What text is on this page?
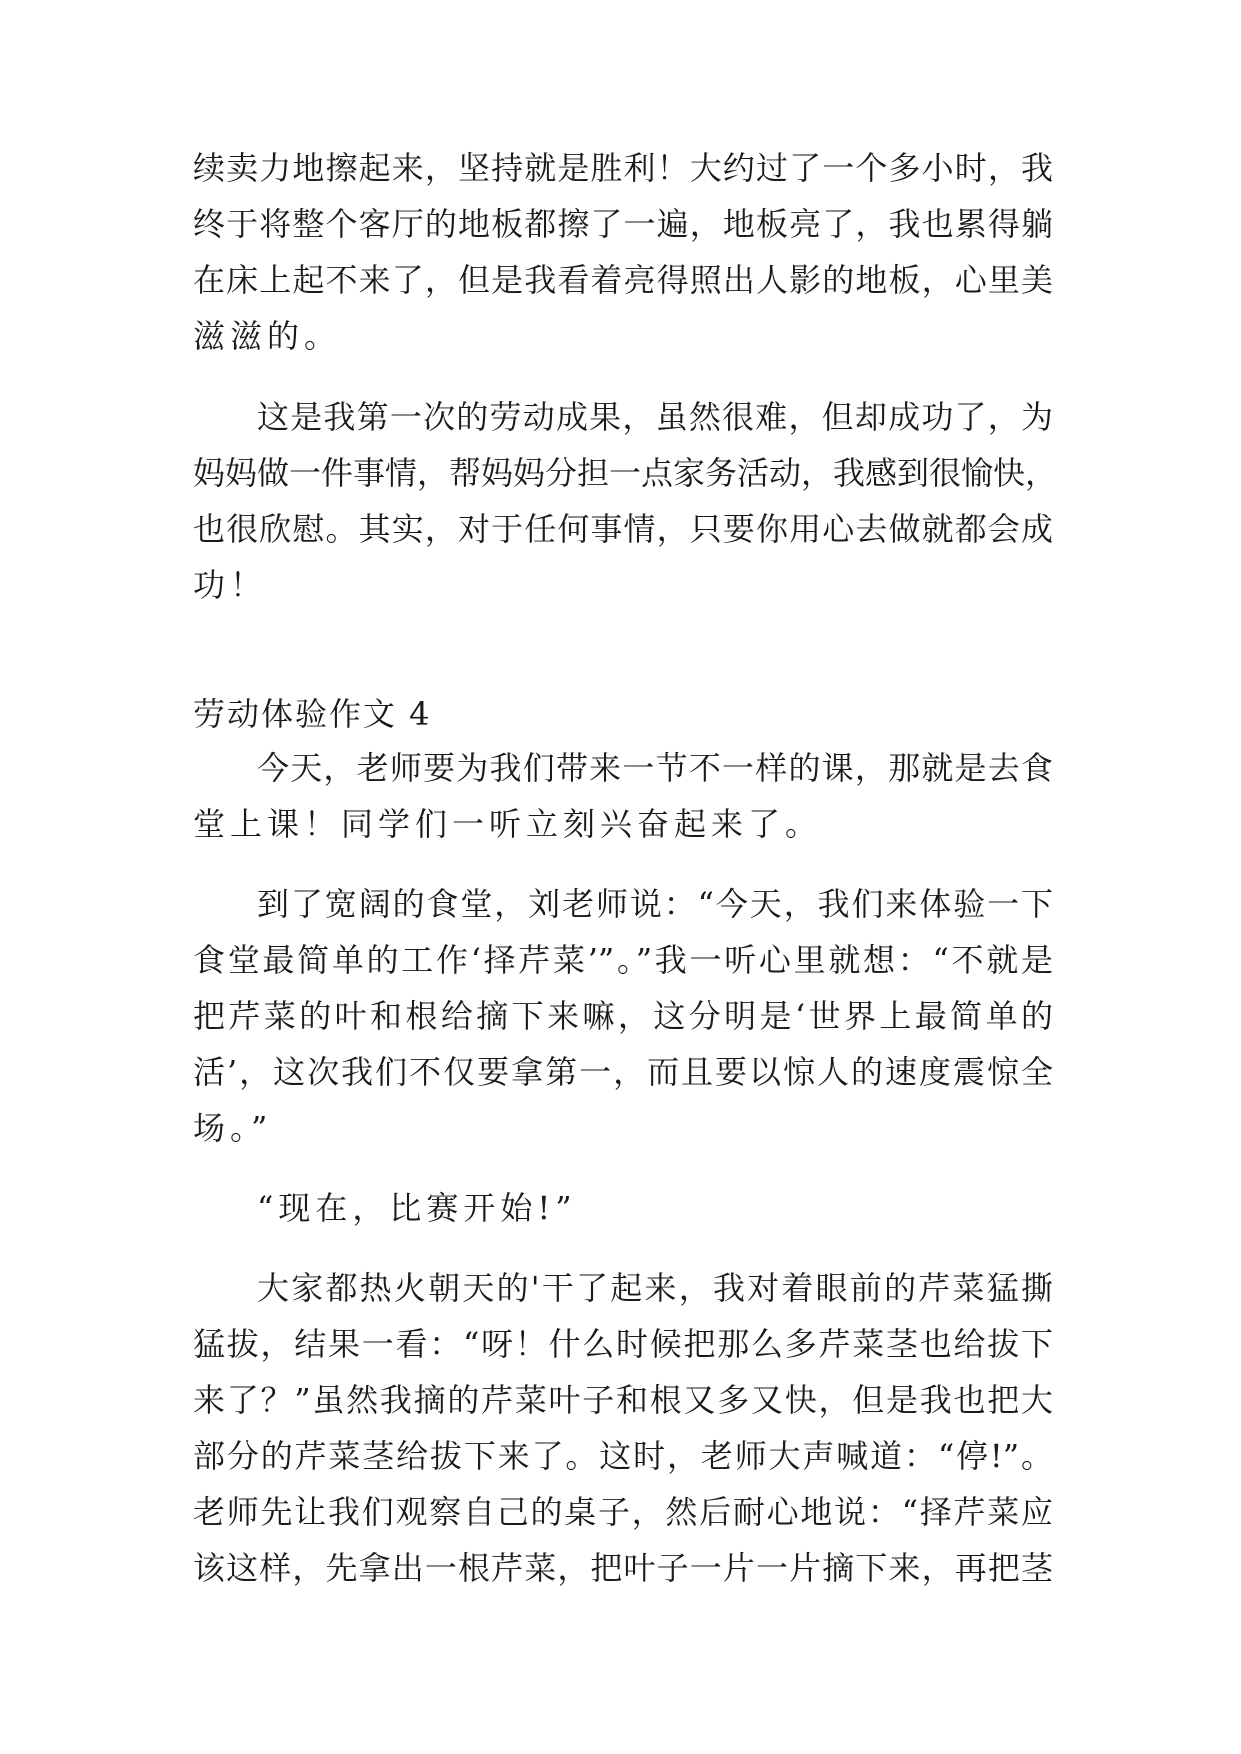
续卖力地擦起来，坚持就是胜利！大约过了一个多小时，我
终于将整个客厅的地板都擦了一遍，地板亮了，我也累得躺
在床上起不来了，但是我看着亮得照出人影的地板，心里美
滋滋的。
这是我第一次的劳动成果，虽然很难，但却成功了，为
妈妈做一件事情，帮妈妈分担一点家务活动，我感到很愉快，
也很欣慰。其实，对于任何事情，只要你用心去做就都会成
功！
劳动体验作文 4
今天，老师要为我们带来一节不一样的课，那就是去食
堂上课！同学们一听立刻兴奋起来了。
到了宽阔的食堂，刘老师说：“今天，我们来体验一下
食堂最简单的工作‘择芹菜’”。”我一听心里就想：“不就是
把芹菜的叶和根给摘下来嘛，这分明是‘世界上最简单的
活’，这次我们不仅要拿第一，而且要以惊人的速度震惊全
场。”
“现在，比赛开始!”
大家都热火朝天的'干了起来，我对着眼前的芹菜猛撕
猛拔，结果一看：“呀！什么时候把那么多芹菜茎也给拔下
来了？”虽然我摘的芹菜叶子和根又多又快，但是我也把大
部分的芹菜茎给拔下来了。这时，老师大声喊道：“停!”。
老师先让我们观察自己的桌子，然后耐心地说：“择芹菜应
该这样，先拿出一根芹菜，把叶子一片一片摘下来，再把茎
